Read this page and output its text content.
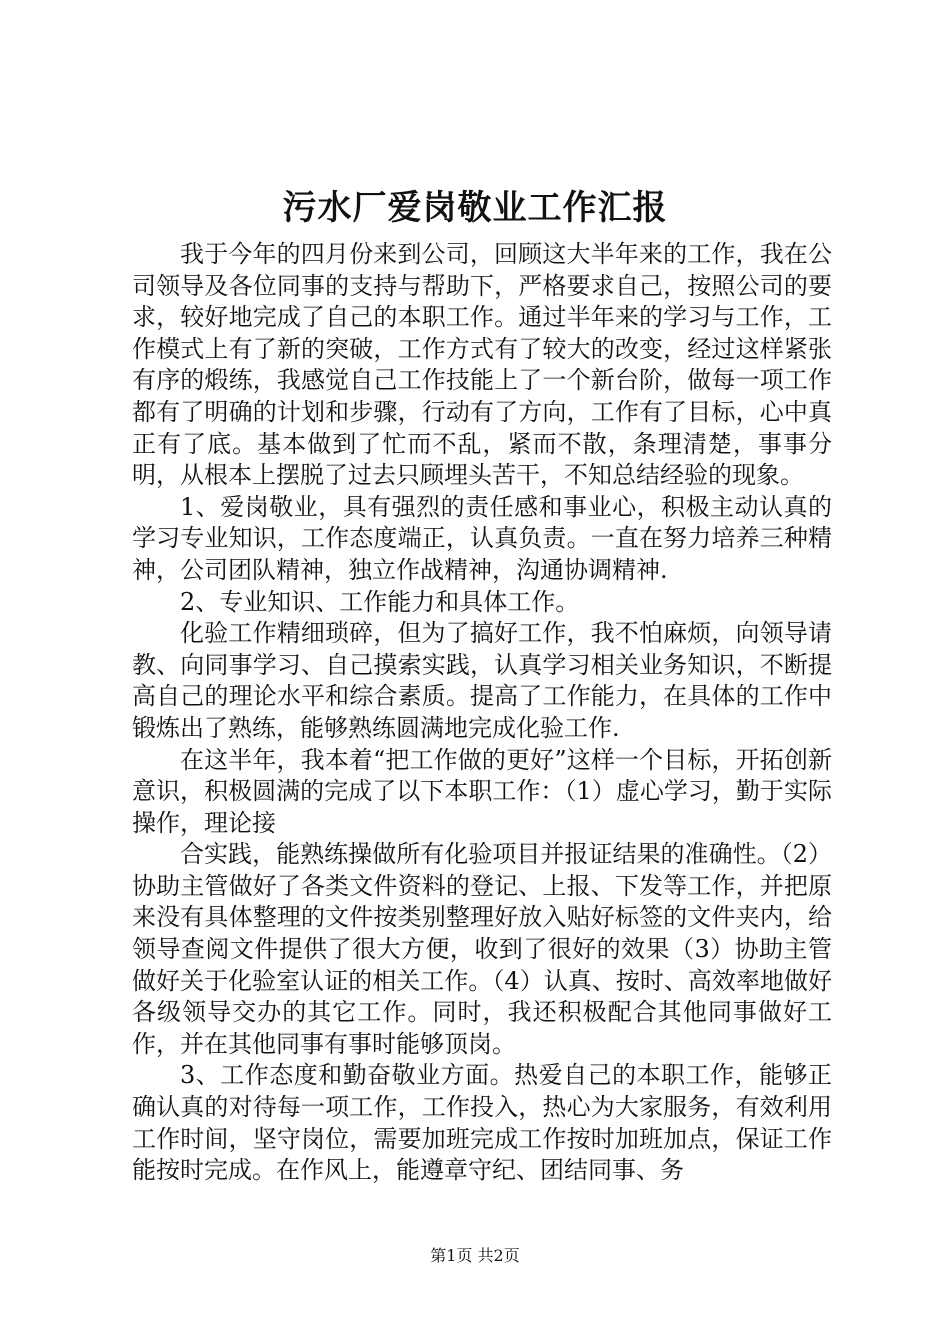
污水厂爱岗敬业工作汇报

我于今年的四月份来到公司，回顾这大半年来的工作，我在公司领导及各位同事的支持与帮助下，严格要求自己，按照公司的要求，较好地完成了自己的本职工作。通过半年来的学习与工作，工作模式上有了新的突破，工作方式有了较大的改变，经过这样紧张有序的煅练，我感觉自己工作技能上了一个新台阶，做每一项工作都有了明确的计划和步骤，行动有了方向，工作有了目标，心中真正有了底。基本做到了忙而不乱，紧而不散，条理清楚，事事分明，从根本上摆脱了过去只顾埋头苦干，不知总结经验的现象。

1、爱岗敬业，具有强烈的责任感和事业心，积极主动认真的学习专业知识，工作态度端正，认真负责。一直在努力培养三种精神，公司团队精神，独立作战精神，沟通协调精神.

2、专业知识、工作能力和具体工作。

化验工作精细琐碎，但为了搞好工作，我不怕麻烦，向领导请教、向同事学习、自己摸索实践，认真学习相关业务知识，不断提高自己的理论水平和综合素质。提高了工作能力，在具体的工作中锻炼出了熟练，能够熟练圆满地完成化验工作.

在这半年，我本着“把工作做的更好”这样一个目标，开拓创新意识，积极圆满的完成了以下本职工作：（1）虚心学习，勤于实际操作，理论接

合实践，能熟练操做所有化验项目并报证结果的准确性。（2）协助主管做好了各类文件资料的登记、上报、下发等工作，并把原来没有具体整理的文件按类别整理好放入贴好标签的文件夹内，给领导查阅文件提供了很大方便，收到了很好的效果（3）协助主管做好关于化验室认证的相关工作。（4）认真、按时、高效率地做好各级领导交办的其它工作。同时，我还积极配合其他同事做好工作，并在其他同事有事时能够顶岗。

3、工作态度和勤奋敬业方面。热爱自己的本职工作，能够正确认真的对待每一项工作，工作投入，热心为大家服务，有效利用工作时间，坚守岗位，需要加班完成工作按时加班加点，保证工作能按时完成。在作风上，能遵章守纪、团结同事、务

第1页 共2页
